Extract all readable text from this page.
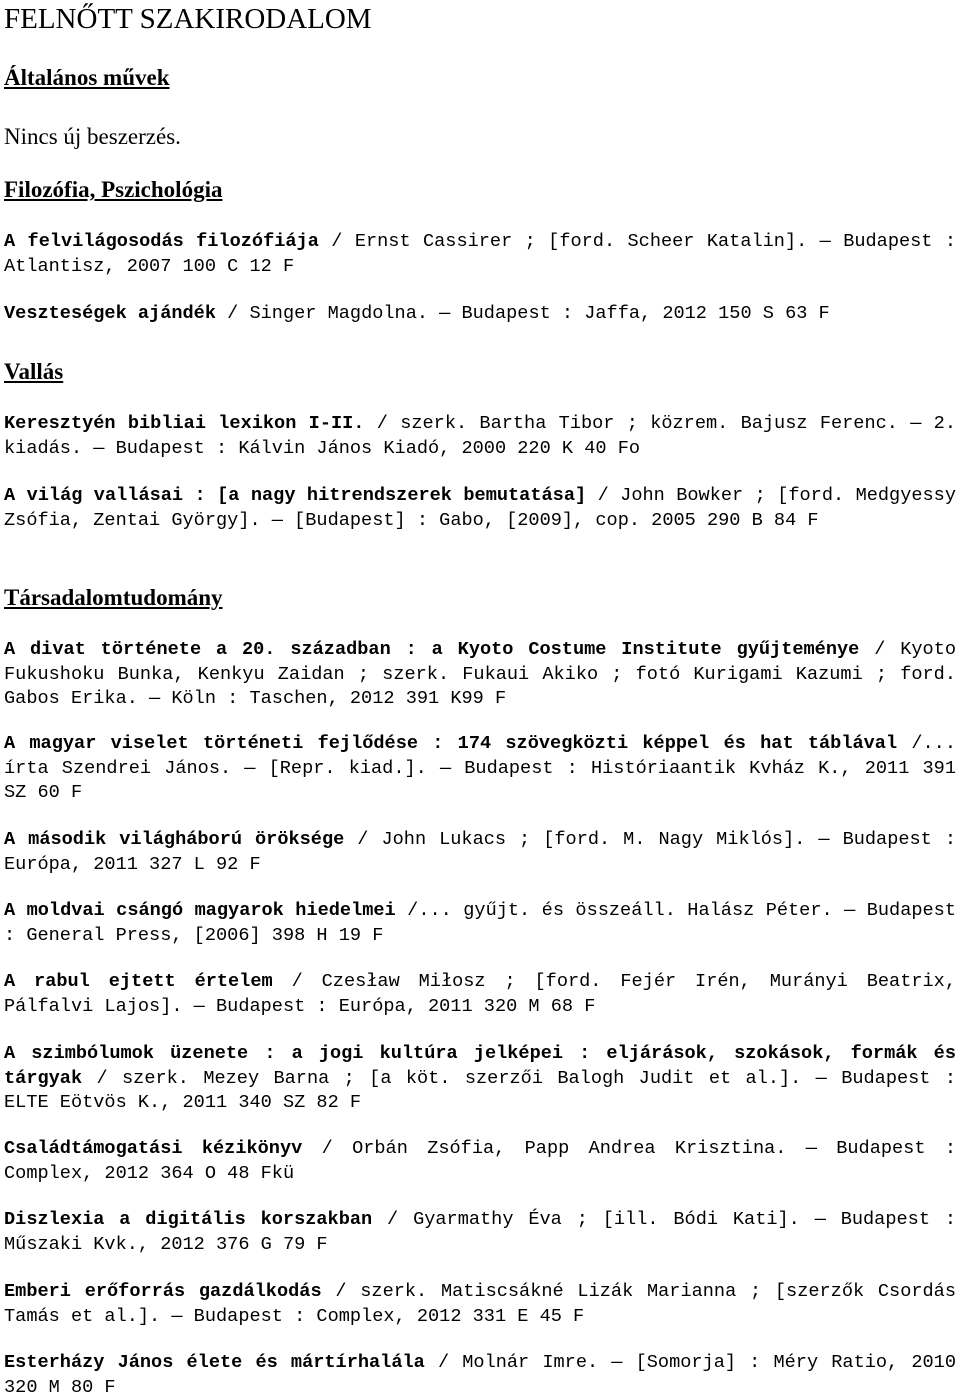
FELNŐTT SZAKIRODALOM
Általános művek

Nincs új beszerzés.

Filozófia, Pszichológia

A felvilágosodás filozófiája / Ernst Cassirer ; [ford. Scheer Katalin]. — Budapest : Atlantisz, 2007 100 C 12 F

Veszteségek ajándék / Singer Magdolna. — Budapest : Jaffa, 2012 150 S 63 F

Vallás

Keresztyén bibliai lexikon I-II. / szerk. Bartha Tibor ; közrem. Bajusz Ferenc. — 2. kiadás. — Budapest : Kálvin János Kiadó, 2000 220 K 40 Fo

A világ vallásai : [a nagy hitrendszerek bemutatása] / John Bowker ; [ford. Medgyessy Zsófia, Zentai György]. — [Budapest] : Gabo, [2009], cop. 2005 290 B 84 F

Társadalomtudomány

A divat története a 20. században : a Kyoto Costume Institute gyűjteménye / Kyoto Fukushoku Bunka, Kenkyu Zaidan ; szerk. Fukaui Akiko ; fotó Kurigami Kazumi ; ford. Gabos Erika. — Köln : Taschen, 2012 391 K99 F

A magyar viselet történeti fejlődése : 174 szövegközti képpel és hat táblával /... írta Szendrei János. — [Repr. kiad.]. — Budapest : Históriaantik Kvház K., 2011 391 SZ 60 F

A második világháború öröksége / John Lukacs ; [ford. M. Nagy Miklós]. — Budapest : Európa, 2011 327 L 92 F

A moldvai csángó magyarok hiedelmei /... gyűjt. és összeáll. Halász Péter. — Budapest : General Press, [2006] 398 H 19 F

A rabul ejtett értelem / Czesław Miłosz ; [ford. Fejér Irén, Murányi Beatrix, Pálfalvi Lajos]. — Budapest : Európa, 2011 320 M 68 F

A szimbólumok üzenete : a jogi kultúra jelképei : eljárások, szokások, formák és tárgyak / szerk. Mezey Barna ; [a köt. szerzői Balogh Judit et al.]. — Budapest : ELTE Eötvös K., 2011 340 SZ 82 F

Családtámogatási kézikönyv / Orbán Zsófia, Papp Andrea Krisztina. — Budapest : Complex, 2012 364 O 48 Fkü

Diszlexia a digitális korszakban / Gyarmathy Éva ; [ill. Bódi Kati]. — Budapest : Műszaki Kvk., 2012 376 G 79 F

Emberi erőforrás gazdálkodás / szerk. Matiscsákné Lizák Marianna ; [szerzők Csordás Tamás et al.]. — Budapest : Complex, 2012 331 E 45 F

Esterházy János élete és mártírhalála / Molnár Imre. — [Somorja] : Méry Ratio, 2010 320 M 80 F
